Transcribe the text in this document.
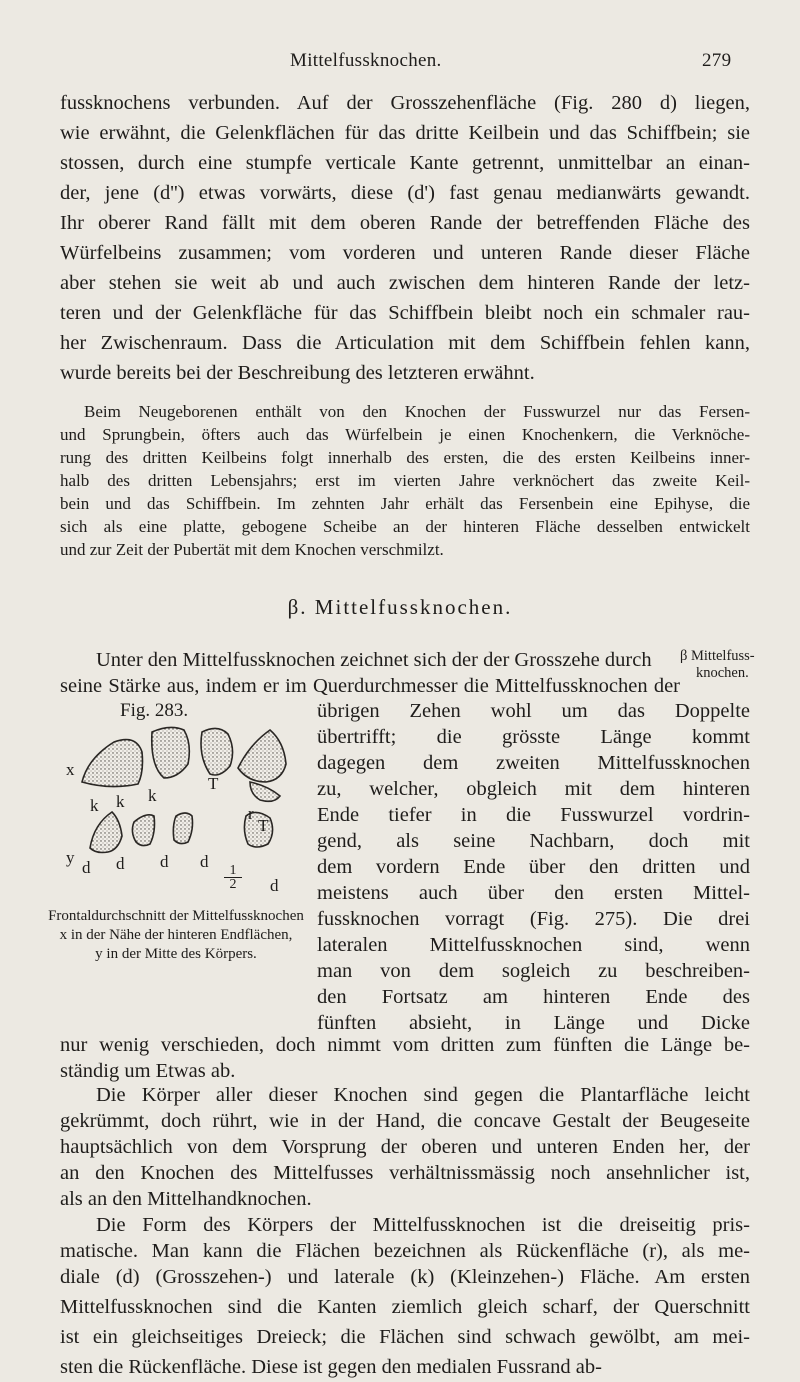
Mittelfussknochen.	279
fussknochens verbunden. Auf der Grosszehenfläche (Fig. 280 d) liegen,
wie erwähnt, die Gelenkflächen für das dritte Keilbein und das Schiffbein; sie
stossen, durch eine stumpfe verticale Kante getrennt, unmittelbar an einan-
der, jene (d'') etwas vorwärts, diese (d') fast genau medianwärts gewandt.
Ihr oberer Rand fällt mit dem oberen Rande der betreffenden Fläche des
Würfelbeins zusammen; vom vorderen und unteren Rande dieser Fläche
aber stehen sie weit ab und auch zwischen dem hinteren Rande der letz-
teren und der Gelenkfläche für das Schiffbein bleibt noch ein schmaler rau-
her Zwischenraum. Dass die Articulation mit dem Schiffbein fehlen kann,
wurde bereits bei der Beschreibung des letzteren erwähnt.
Beim Neugeborenen enthält von den Knochen der Fusswurzel nur das Fersen-
und Sprungbein, öfters auch das Würfelbein je einen Knochenkern, die Verknöche-
rung des dritten Keilbeins folgt innerhalb des ersten, die des ersten Keilbeins inner-
halb des dritten Lebensjahrs; erst im vierten Jahre verknöchert das zweite Keil-
bein und das Schiffbein. Im zehnten Jahr erhält das Fersenbein eine Epihyse, die
sich als eine platte, gebogene Scheibe an der hinteren Fläche desselben entwickelt
und zur Zeit der Pubertät mit dem Knochen verschmilzt.
β. Mittelfussknochen.
β Mittelfuss-
knochen.
Unter den Mittelfussknochen zeichnet sich der der Grosszehe durch
seine Stärke aus, indem er im Querdurchmesser die Mittelfussknochen der
Fig. 283.
x
T
k k k
r
T
y
d d d d
d
1
2
Frontaldurchschnitt der Mittelfussknochen
x in der Nähe der hinteren Endflächen,
y in der Mitte des Körpers.
übrigen Zehen wohl um das Doppelte
übertrifft; die grösste Länge kommt
dagegen dem zweiten Mittelfussknochen
zu, welcher, obgleich mit dem hinteren
Ende tiefer in die Fusswurzel vordrin-
gend, als seine Nachbarn, doch mit
dem vordern Ende über den dritten und
meistens auch über den ersten Mittel-
fussknochen vorragt (Fig. 275). Die drei
lateralen Mittelfussknochen sind, wenn
man von dem sogleich zu beschreiben-
den Fortsatz am hinteren Ende des
fünften absieht, in Länge und Dicke
nur wenig verschieden, doch nimmt vom dritten zum fünften die Länge be-
ständig um Etwas ab.
Die Körper aller dieser Knochen sind gegen die Plantarfläche leicht
gekrümmt, doch rührt, wie in der Hand, die concave Gestalt der Beugeseite
hauptsächlich von dem Vorsprung der oberen und unteren Enden her, der
an den Knochen des Mittelfusses verhältnissmässig noch ansehnlicher ist,
als an den Mittelhandknochen.
Die Form des Körpers der Mittelfussknochen ist die dreiseitig pris-
matische. Man kann die Flächen bezeichnen als Rückenfläche (r), als me-
diale (d) (Grosszehen-) und laterale (k) (Kleinzehen-) Fläche. Am ersten
Mittelfussknochen sind die Kanten ziemlich gleich scharf, der Querschnitt
ist ein gleichseitiges Dreieck; die Flächen sind schwach gewölbt, am mei-
sten die Rückenfläche. Diese ist gegen den medialen Fussrand ab-
